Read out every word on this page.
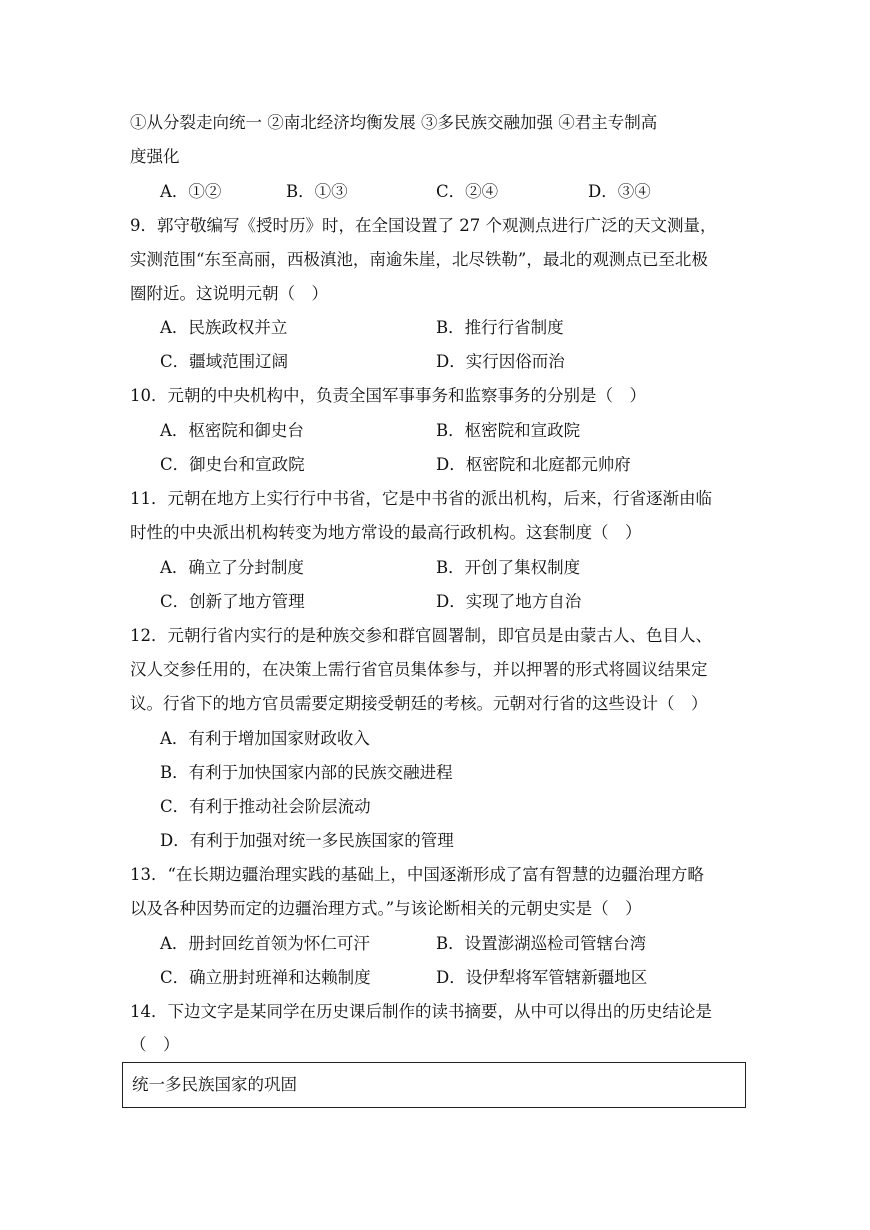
①从分裂走向统一 ②南北经济均衡发展 ③多民族交融加强 ④君主专制高
度强化
A．①②	B．①③	C．②④	D．③④
9．郭守敬编写《授时历》时，在全国设置了 27 个观测点进行广泛的天文测量，
实测范围“东至高丽，西极滇池，南逾朱崖，北尽铁勒”，最北的观测点已至北极
圈附近。这说明元朝（　）
A．民族政权并立	B．推行行省制度
C．疆域范围辽阔	D．实行因俗而治
10．元朝的中央机构中，负责全国军事事务和监察事务的分别是（　）
A．枢密院和御史台	B．枢密院和宣政院
C．御史台和宣政院	D．枢密院和北庭都元帅府
11．元朝在地方上实行行中书省，它是中书省的派出机构，后来，行省逐渐由临
时性的中央派出机构转变为地方常设的最高行政机构。这套制度（　）
A．确立了分封制度	B．开创了集权制度
C．创新了地方管理	D．实现了地方自治
12．元朝行省内实行的是种族交参和群官圆署制，即官员是由蒙古人、色目人、
汉人交参任用的，在决策上需行省官员集体参与，并以押署的形式将圆议结果定
议。行省下的地方官员需要定期接受朝廷的考核。元朝对行省的这些设计（　）
A．有利于增加国家财政收入
B．有利于加快国家内部的民族交融进程
C．有利于推动社会阶层流动
D．有利于加强对统一多民族国家的管理
13．“在长期边疆治理实践的基础上，中国逐渐形成了富有智慧的边疆治理方略
以及各种因势而定的边疆治理方式。”与该论断相关的元朝史实是（　）
A．册封回纥首领为怀仁可汗	B．设置澎湖巡检司管辖台湾
C．确立册封班禅和达赖制度	D．设伊犁将军管辖新疆地区
14．下边文字是某同学在历史课后制作的读书摘要，从中可以得出的历史结论是
（　）
统一多民族国家的巩固
